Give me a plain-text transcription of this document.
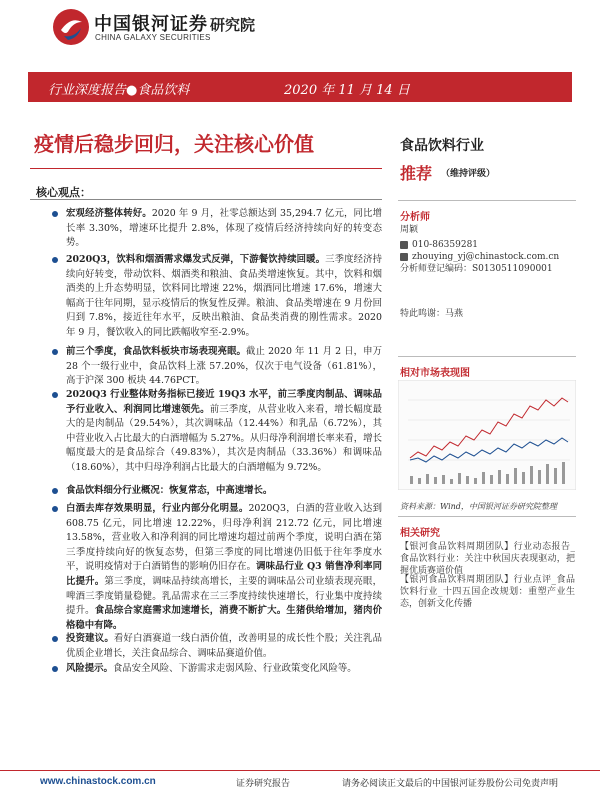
中国银河证券
CHINA GALAXY SECURITIES
研究院
行业深度报告●食品饮料	2020 年 11 月 14 日
疫情后稳步回归，关注核心价值
核心观点：
宏观经济整体转好。2020 年 9 月，社零总额达到 35,294.7 亿元，同比增长率 3.30%，增速环比提升 2.8%，体现了疫情后经济持续向好的转变态势。
2020Q3，饮料和烟酒需求爆发式反弹，下游餐饮持续回暖。三季度经济持续向好转变，带动饮料、烟酒类和粮油、食品类增速恢复。其中，饮料和烟酒类的上升态势明显，饮料同比增速 22%，烟酒同比增速 17.6%，增速大幅高于往年同期，显示疫情后的恢复性反弹。粮油、食品类增速在 9 月份回归到 7.8%，接近往年水平，反映出粮油、食品类消费的刚性需求。2020 年 9 月，餐饮收入的同比跌幅收窄至-2.9%。
前三个季度，食品饮料板块市场表现亮眼。截止 2020 年 11 月 2 日，申万 28 个一级行业中，食品饮料上涨 57.20%，仅次于电气设备（61.81%），高于沪深 300 板块 44.76PCT。
2020Q3 行业整体财务指标已接近 19Q3 水平，前三季度肉制品、调味品予行业收入、利润同比增速领先。前三季度，从营业收入来看，增长幅度最大的是肉制品（29.54%），其次调味品（12.44%）和乳品（6.72%），其中营业收入占比最大的白酒增幅为 5.27%。从归母净利润增长率来看，增长幅度最大的是食品综合（49.83%），其次是肉制品（33.36%）和调味品（18.60%），其中归母净利润占比最大的白酒增幅为 9.72%。
食品饮料细分行业概况：恢复常态，中高速增长。
白酒去库存效果明显，行业内部分化明显。2020Q3，白酒的营业收入达到 608.75 亿元，同比增速 12.22%，归母净利润 212.72 亿元，同比增速 13.58%，营业收入和净利润的同比增速均超过前两个季度，说明白酒在第三季度持续向好的恢复态势，但第三季度的同比增速仍旧低于往年季度水平，说明疫情对于白酒销售的影响仍旧存在。调味品行业 Q3 销售净利率同比提升。第三季度，调味品持续高增长，主要的调味品公司业绩表现亮眼，啤酒三季度销量稳健。乳品需求在三三季度持续快速增长，行业集中度持续提升。食品综合家庭需求加速增长，消费不断扩大。生猪供给增加，猪肉价格稳中有降。
投资建议。看好白酒赛道一线白酒价值，改善明显的成长性个股；关注乳品优质企业增长，关注食品综合、调味品赛道价值。
风险提示。食品安全风险、下游需求走弱风险、行业政策变化风险等。
食品饮料行业
推荐 （维持评级）
分析师
周颖
010-86359281
zhouying_yj@chinastock.com.cn
分析师登记编码：S0130511090001
特此鸣谢：马燕
相对市场表现图
资料来源：Wind，中国银河证券研究院整理
相关研究
【银河食品饮料周期团队】行业动态报告_食品饮料行业：关注中秋国庆表现驱动，把握优质赛道价值
【银河食品饮料周期团队】行业点评_食品饮料行业_十四五国企改规划：重塑产业生态，创新文化传播
www.chinastock.com.cn	证券研究报告	请务必阅读正文最后的中国银河证券股份公司免责声明
